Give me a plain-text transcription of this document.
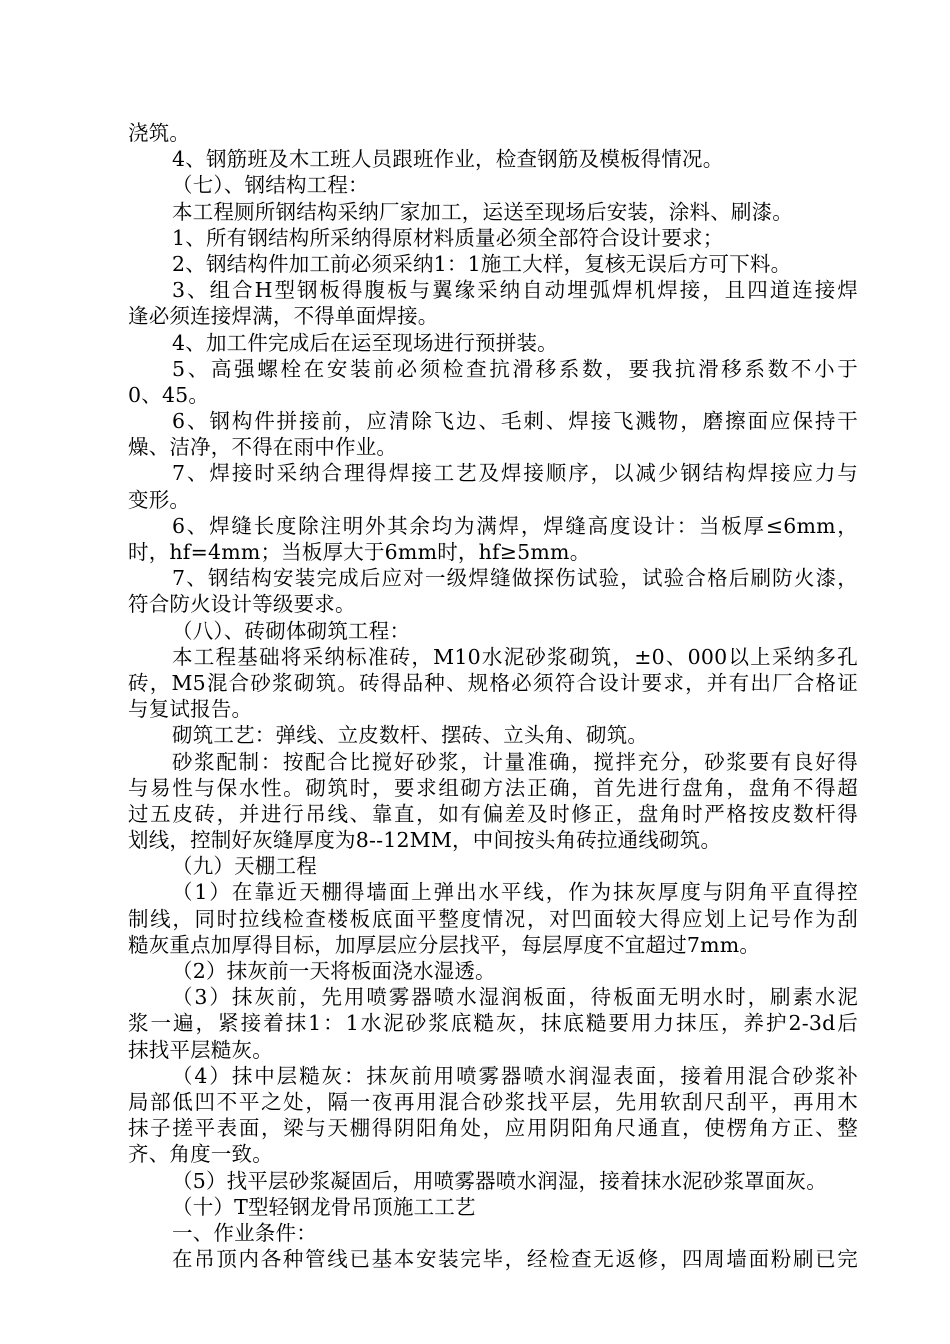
浇筑。
4、钢筋班及木工班人员跟班作业，检查钢筋及模板得情况。
（七）、钢结构工程：
本工程厕所钢结构采纳厂家加工，运送至现场后安装，涂料、刷漆。
1、所有钢结构所采纳得原材料质量必须全部符合设计要求；
2、钢结构件加工前必须采纳1：1施工大样，复核无误后方可下料。
3、组合H型钢板得腹板与翼缘采纳自动埋弧焊机焊接，且四道连接焊
逢必须连接焊满，不得单面焊接。
4、加工件完成后在运至现场进行预拼装。
5、高强螺栓在安装前必须检查抗滑移系数，要我抗滑移系数不小于
0、45。
6、钢构件拼接前，应清除飞边、毛刺、焊接飞溅物，磨擦面应保持干
燥、洁净，不得在雨中作业。
7、焊接时采纳合理得焊接工艺及焊接顺序，以减少钢结构焊接应力与
变形。
6、焊缝长度除注明外其余均为满焊，焊缝高度设计：当板厚≤6mm，
时，hf=4mm；当板厚大于6mm时，hf≥5mm。
7、钢结构安装完成后应对一级焊缝做探伤试验，试验合格后刷防火漆，
符合防火设计等级要求。
（八）、砖砌体砌筑工程：
本工程基础将采纳标准砖，M10水泥砂浆砌筑，±0、000以上采纳多孔
砖，M5混合砂浆砌筑。砖得品种、规格必须符合设计要求，并有出厂合格证
与复试报告。
砌筑工艺：弹线、立皮数杆、摆砖、立头角、砌筑。
砂浆配制：按配合比搅好砂浆，计量准确，搅拌充分，砂浆要有良好得
与易性与保水性。砌筑时，要求组砌方法正确，首先进行盘角，盘角不得超
过五皮砖，并进行吊线、靠直，如有偏差及时修正，盘角时严格按皮数杆得
划线，控制好灰缝厚度为8--12MM，中间按头角砖拉通线砌筑。
（九）天棚工程
（1）在靠近天棚得墙面上弹出水平线，作为抹灰厚度与阴角平直得控
制线，同时拉线检查楼板底面平整度情况，对凹面较大得应划上记号作为刮
糙灰重点加厚得目标，加厚层应分层找平，每层厚度不宜超过7mm。
（2）抹灰前一天将板面浇水湿透。
（3）抹灰前，先用喷雾器喷水湿润板面，待板面无明水时，刷素水泥
浆一遍，紧接着抹1：1水泥砂浆底糙灰，抹底糙要用力抹压，养护2-3d后
抹找平层糙灰。
（4）抹中层糙灰：抹灰前用喷雾器喷水润湿表面，接着用混合砂浆补
局部低凹不平之处，隔一夜再用混合砂浆找平层，先用软刮尺刮平，再用木
抹子搓平表面，梁与天棚得阴阳角处，应用阴阳角尺通直，使楞角方正、整
齐、角度一致。
（5）找平层砂浆凝固后，用喷雾器喷水润湿，接着抹水泥砂浆罩面灰。
（十）T型轻钢龙骨吊顶施工工艺
一、作业条件：
在吊顶内各种管线已基本安装完毕，经检查无返修，四周墙面粉刷已完
